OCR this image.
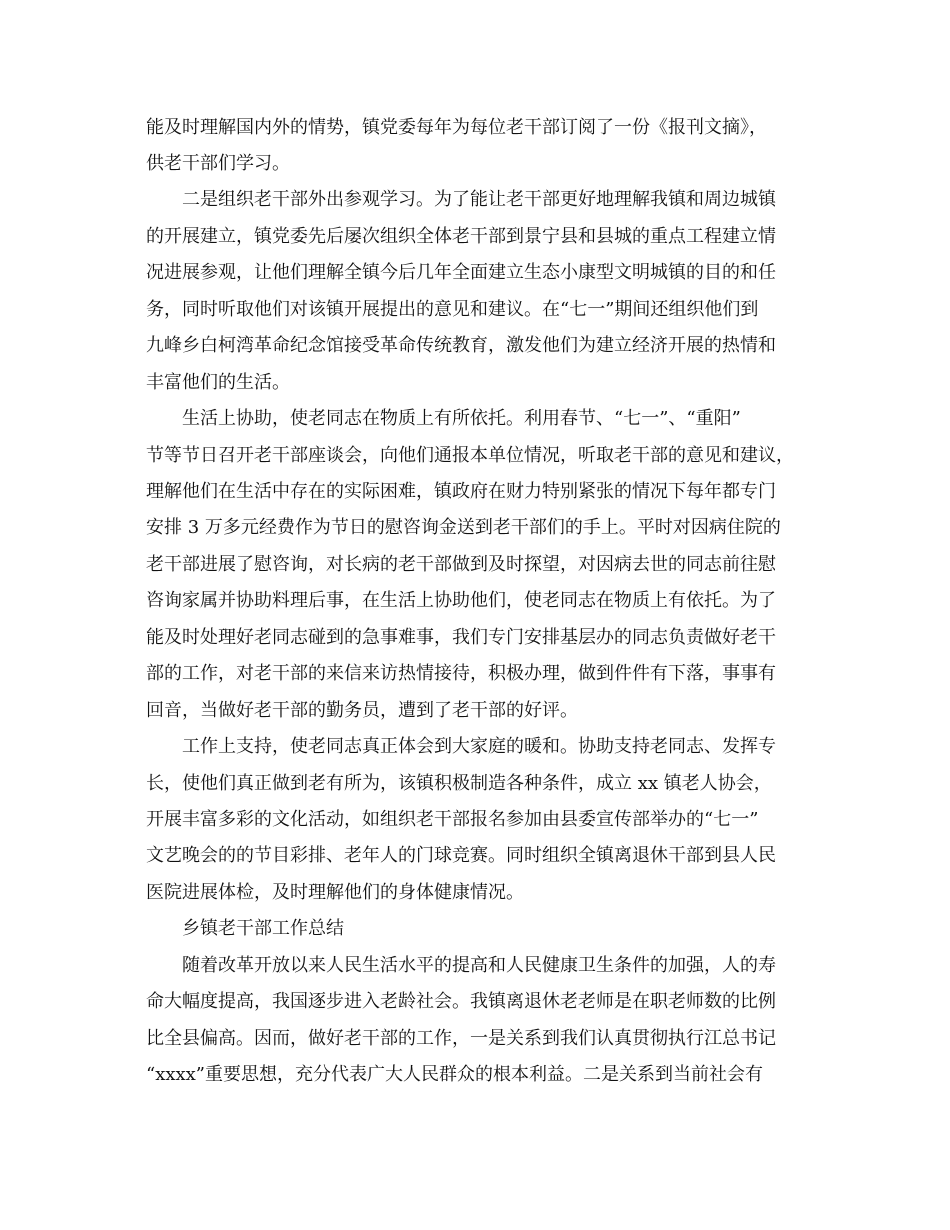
能及时理解国内外的情势，镇党委每年为每位老干部订阅了一份《报刊文摘》，
供老干部们学习。
二是组织老干部外出参观学习。为了能让老干部更好地理解我镇和周边城镇
的开展建立，镇党委先后屡次组织全体老干部到景宁县和县城的重点工程建立情
况进展参观，让他们理解全镇今后几年全面建立生态小康型文明城镇的目的和任
务，同时听取他们对该镇开展提出的意见和建议。在“七一”期间还组织他们到
九峰乡白柯湾革命纪念馆接受革命传统教育，激发他们为建立经济开展的热情和
丰富他们的生活。
生活上协助，使老同志在物质上有所依托。利用春节、“七一”、“重阳”
节等节日召开老干部座谈会，向他们通报本单位情况，听取老干部的意见和建议，
理解他们在生活中存在的实际困难，镇政府在财力特别紧张的情况下每年都专门
安排 3 万多元经费作为节日的慰咨询金送到老干部们的手上。平时对因病住院的
老干部进展了慰咨询，对长病的老干部做到及时探望，对因病去世的同志前往慰
咨询家属并协助料理后事，在生活上协助他们，使老同志在物质上有依托。为了
能及时处理好老同志碰到的急事难事，我们专门安排基层办的同志负责做好老干
部的工作，对老干部的来信来访热情接待，积极办理，做到件件有下落，事事有
回音，当做好老干部的勤务员，遭到了老干部的好评。
工作上支持，使老同志真正体会到大家庭的暖和。协助支持老同志、发挥专
长，使他们真正做到老有所为，该镇积极制造各种条件，成立 xx 镇老人协会，
开展丰富多彩的文化活动，如组织老干部报名参加由县委宣传部举办的“七一”
文艺晚会的的节目彩排、老年人的门球竞赛。同时组织全镇离退休干部到县人民
医院进展体检，及时理解他们的身体健康情况。
乡镇老干部工作总结
随着改革开放以来人民生活水平的提高和人民健康卫生条件的加强，人的寿
命大幅度提高，我国逐步进入老龄社会。我镇离退休老老师是在职老师数的比例
比全县偏高。因而，做好老干部的工作，一是关系到我们认真贯彻执行江总书记
“xxxx”重要思想，充分代表广大人民群众的根本利益。二是关系到当前社会有
